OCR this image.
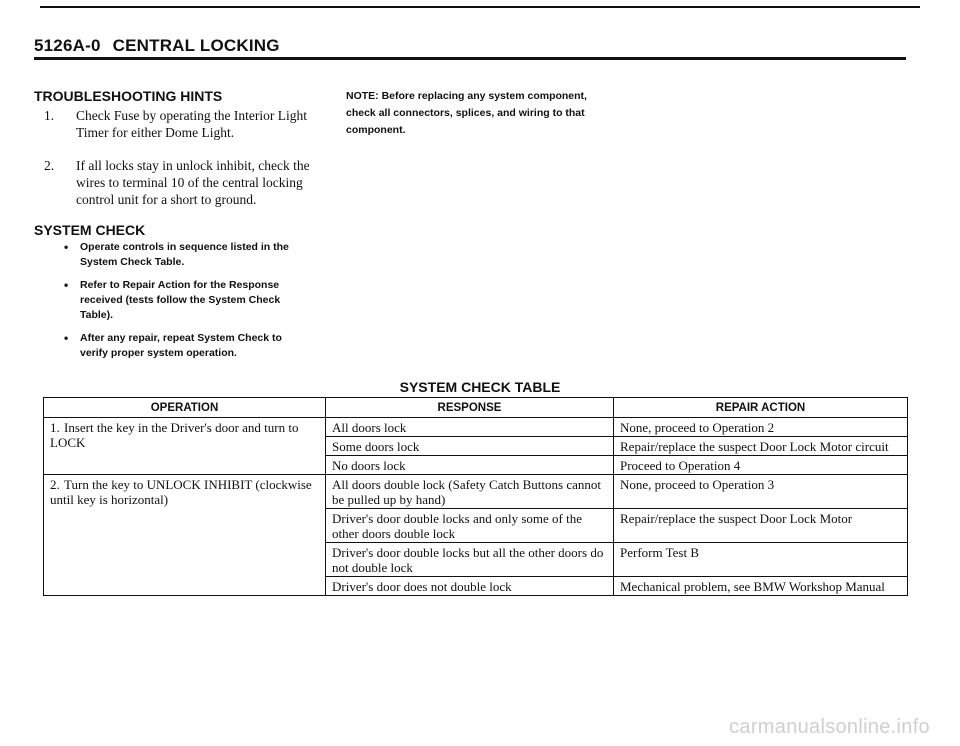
5126A-0 CENTRAL LOCKING
TROUBLESHOOTING HINTS
1. Check Fuse by operating the Interior Light Timer for either Dome Light.
2. If all locks stay in unlock inhibit, check the wires to terminal 10 of the central locking control unit for a short to ground.
NOTE: Before replacing any system component, check all connectors, splices, and wiring to that component.
SYSTEM CHECK
• Operate controls in sequence listed in the System Check Table.
• Refer to Repair Action for the Response received (tests follow the System Check Table).
• After any repair, repeat System Check to verify proper system operation.
SYSTEM CHECK TABLE
OPERATION	RESPONSE	REPAIR ACTION
1. Insert the key in the Driver's door and turn to LOCK	All doors lock	None, proceed to Operation 2
	Some doors lock	Repair/replace the suspect Door Lock Motor circuit
	No doors lock	Proceed to Operation 4
2. Turn the key to UNLOCK INHIBIT (clockwise until key is horizontal)	All doors double lock (Safety Catch Buttons cannot be pulled up by hand)	None, proceed to Operation 3
	Driver's door double locks and only some of the other doors double lock	Repair/replace the suspect Door Lock Motor
	Driver's door double locks but all the other doors do not double lock	Perform Test B
	Driver's door does not double lock	Mechanical problem, see BMW Workshop Manual
carmanualsonline.info
